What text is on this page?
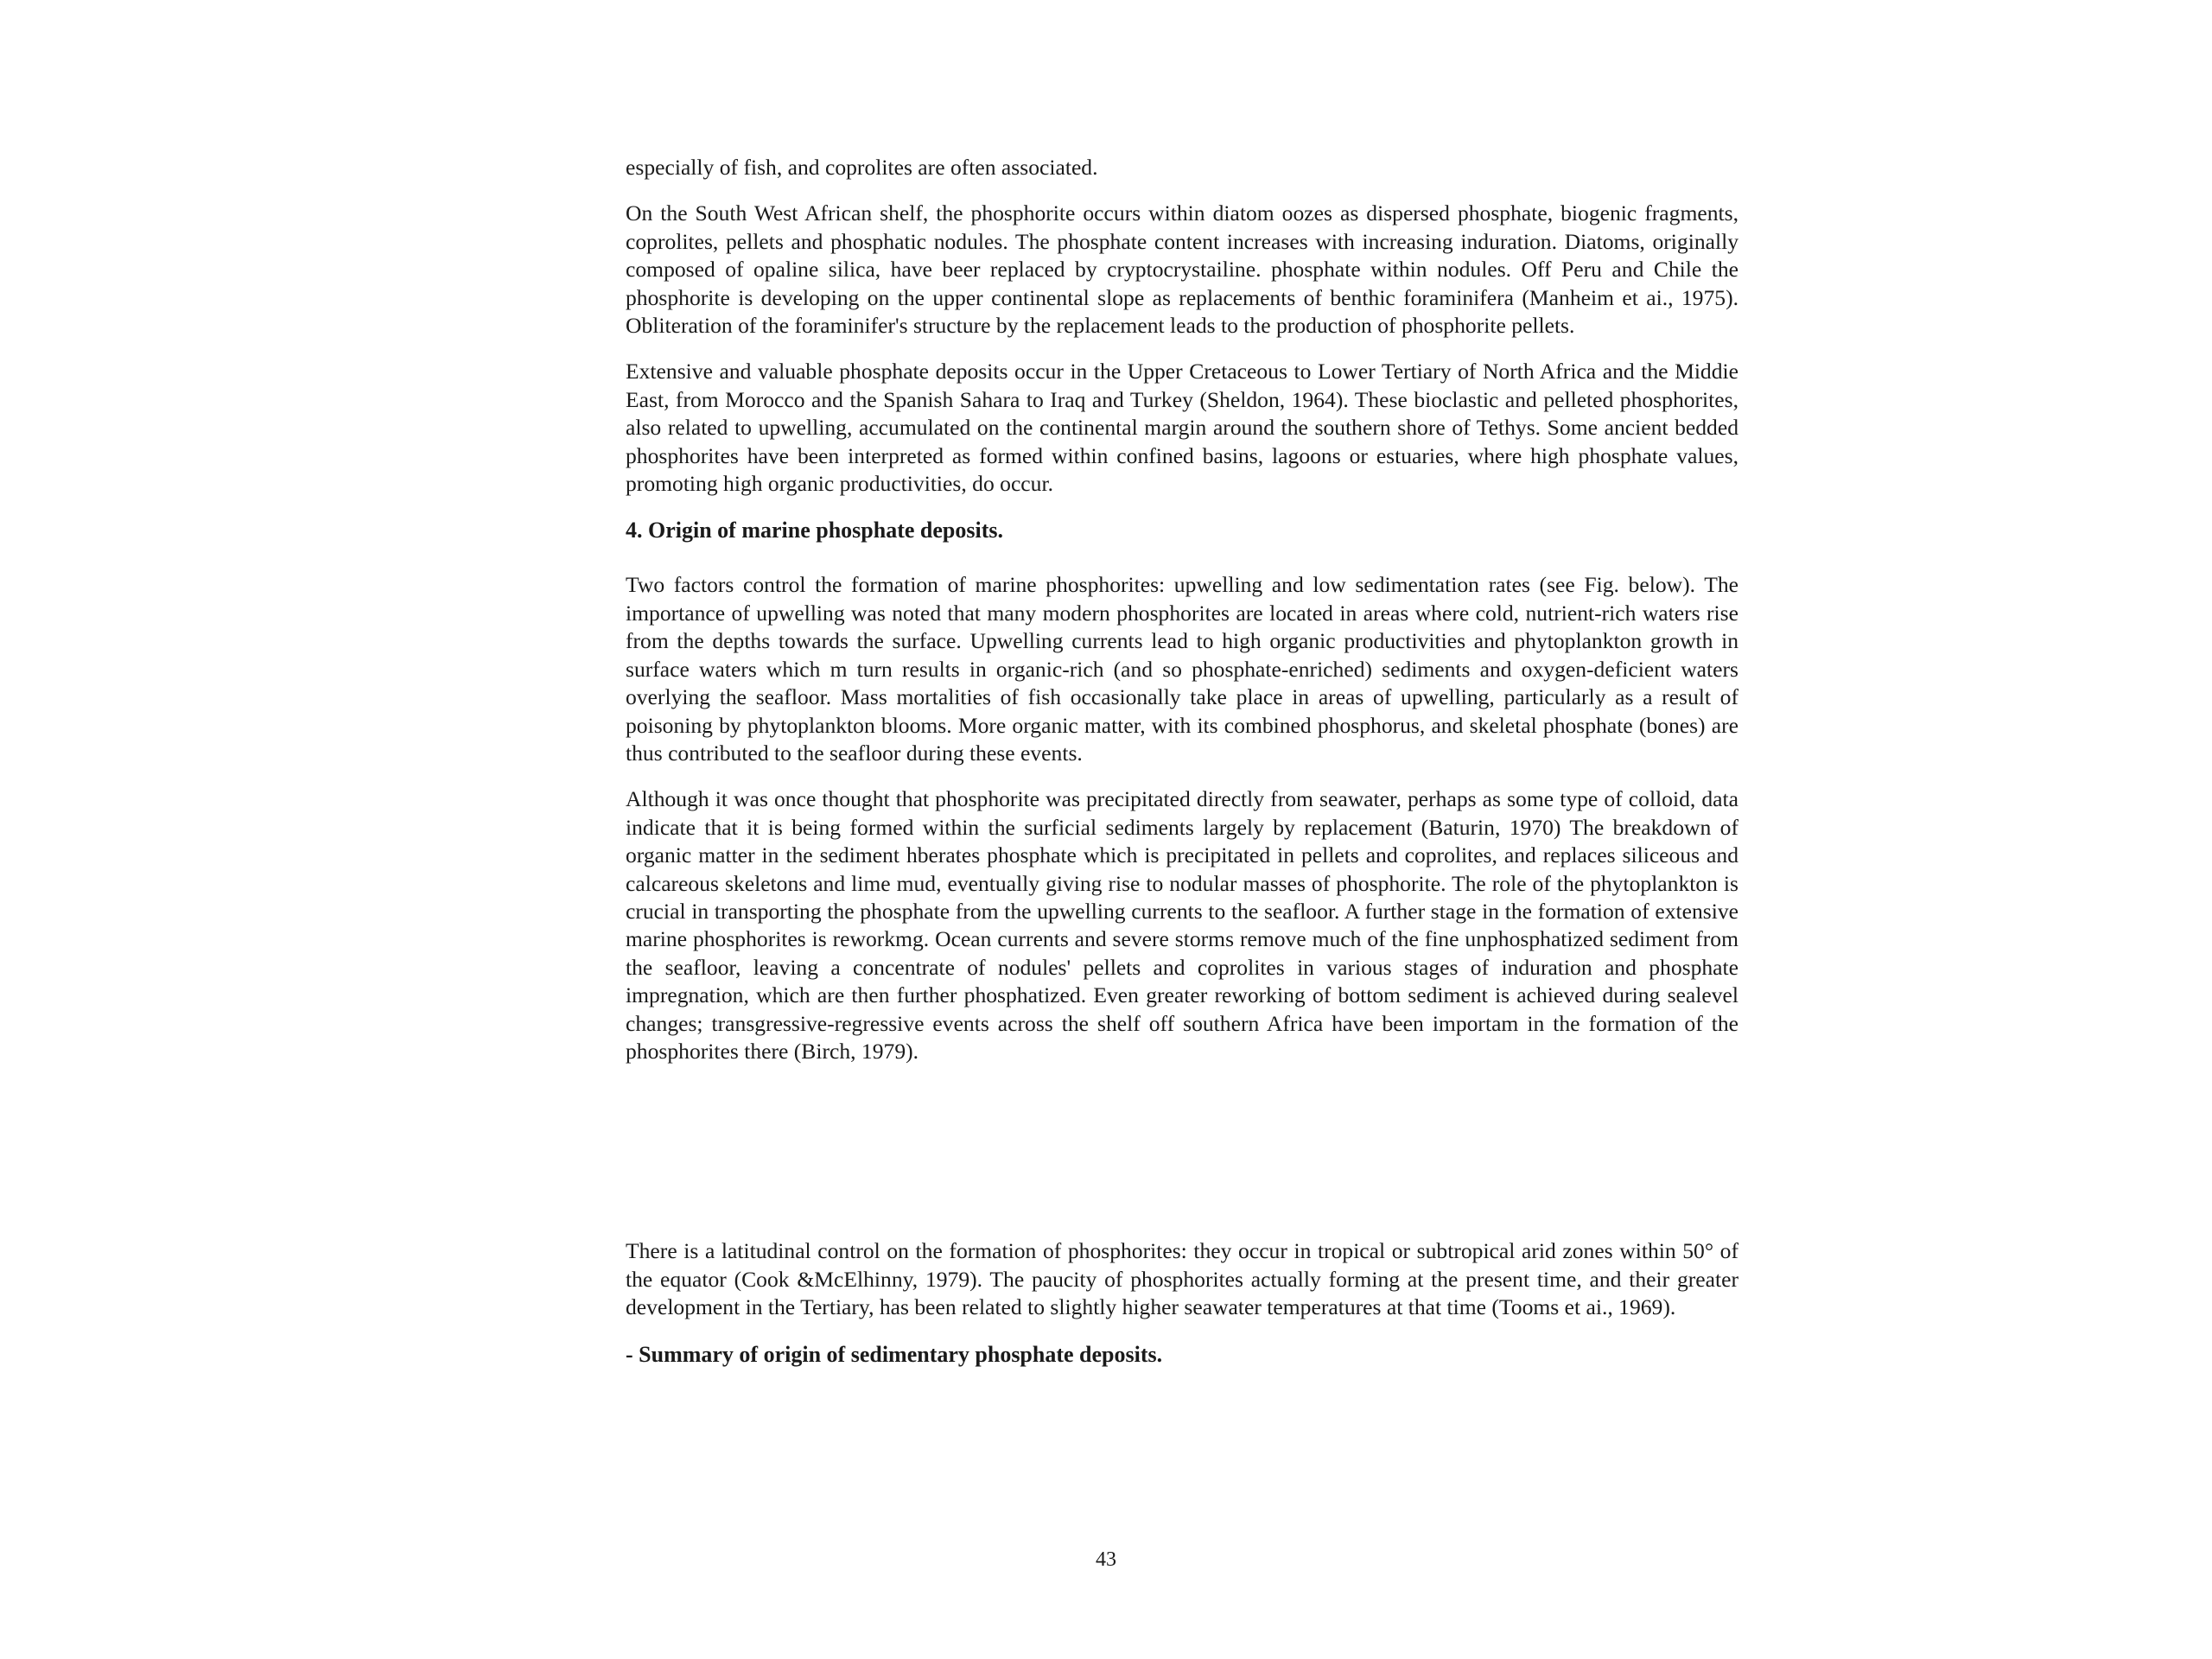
especially of fish, and coprolites are often associated.

On the South West African shelf, the phosphorite occurs within diatom oozes as dispersed phosphate, biogenic fragments, coprolites, pellets and phosphatic nodules. The phosphate content increases with increasing induration. Diatoms, originally composed of opaline silica, have beer replaced by cryptocrystailine. phosphate within nodules. Off Peru and Chile the phosphorite is developing on the upper continental slope as replacements of benthic foraminifera (Manheim et ai., 1975). Obliteration of the foraminifer's structure by the replacement leads to the production of phosphorite pellets.

Extensive and valuable phosphate deposits occur in the Upper Cretaceous to Lower Tertiary of North Africa and the Middie East, from Morocco and the Spanish Sahara to Iraq and Turkey (Sheldon, 1964). These bioclastic and pelleted phosphorites, also related to upwelling, accumulated on the continental margin around the southern shore of Tethys. Some ancient bedded phosphorites have been interpreted as formed within confined basins, lagoons or estuaries, where high phosphate values, promoting high organic productivities, do occur.

4. Origin of marine phosphate deposits.

Two factors control the formation of marine phosphorites: upwelling and low sedimentation rates (see Fig. below). The importance of upwelling was noted that many modern phosphorites are located in areas where cold, nutrient-rich waters rise from the depths towards the surface. Upwelling currents lead to high organic productivities and phytoplankton growth in surface waters which m turn results in organic-rich (and so phosphate-enriched) sediments and oxygen-deficient waters overlying the seafloor. Mass mortalities of fish occasionally take place in areas of upwelling, particularly as a result of poisoning by phytoplankton blooms. More organic matter, with its combined phosphorus, and skeletal phosphate (bones) are thus contributed to the seafloor during these events.

Although it was once thought that phosphorite was precipitated directly from seawater, perhaps as some type of colloid, data indicate that it is being formed within the surficial sediments largely by replacement (Baturin, 1970) The breakdown of organic matter in the sediment hberates phosphate which is precipitated in pellets and coprolites, and replaces siliceous and calcareous skeletons and lime mud, eventually giving rise to nodular masses of phosphorite. The role of the phytoplankton is crucial in transporting the phosphate from the upwelling currents to the seafloor. A further stage in the formation of extensive marine phosphorites is reworkmg. Ocean currents and severe storms remove much of the fine unphosphatized sediment from the seafloor, leaving a concentrate of nodules' pellets and coprolites in various stages of induration and phosphate impregnation, which are then further phosphatized. Even greater reworking of bottom sediment is achieved during sealevel changes; transgressive-regressive events across the shelf off southern Africa have been importam in the formation of the phosphorites there (Birch, 1979).

There is a latitudinal control on the formation of phosphorites: they occur in tropical or subtropical arid zones within 50° of the equator (Cook &McElhinny, 1979). The paucity of phosphorites actually forming at the present time, and their greater development in the Tertiary, has been related to slightly higher seawater temperatures at that time (Tooms et ai., 1969).

- Summary of origin of sedimentary phosphate deposits.
43
